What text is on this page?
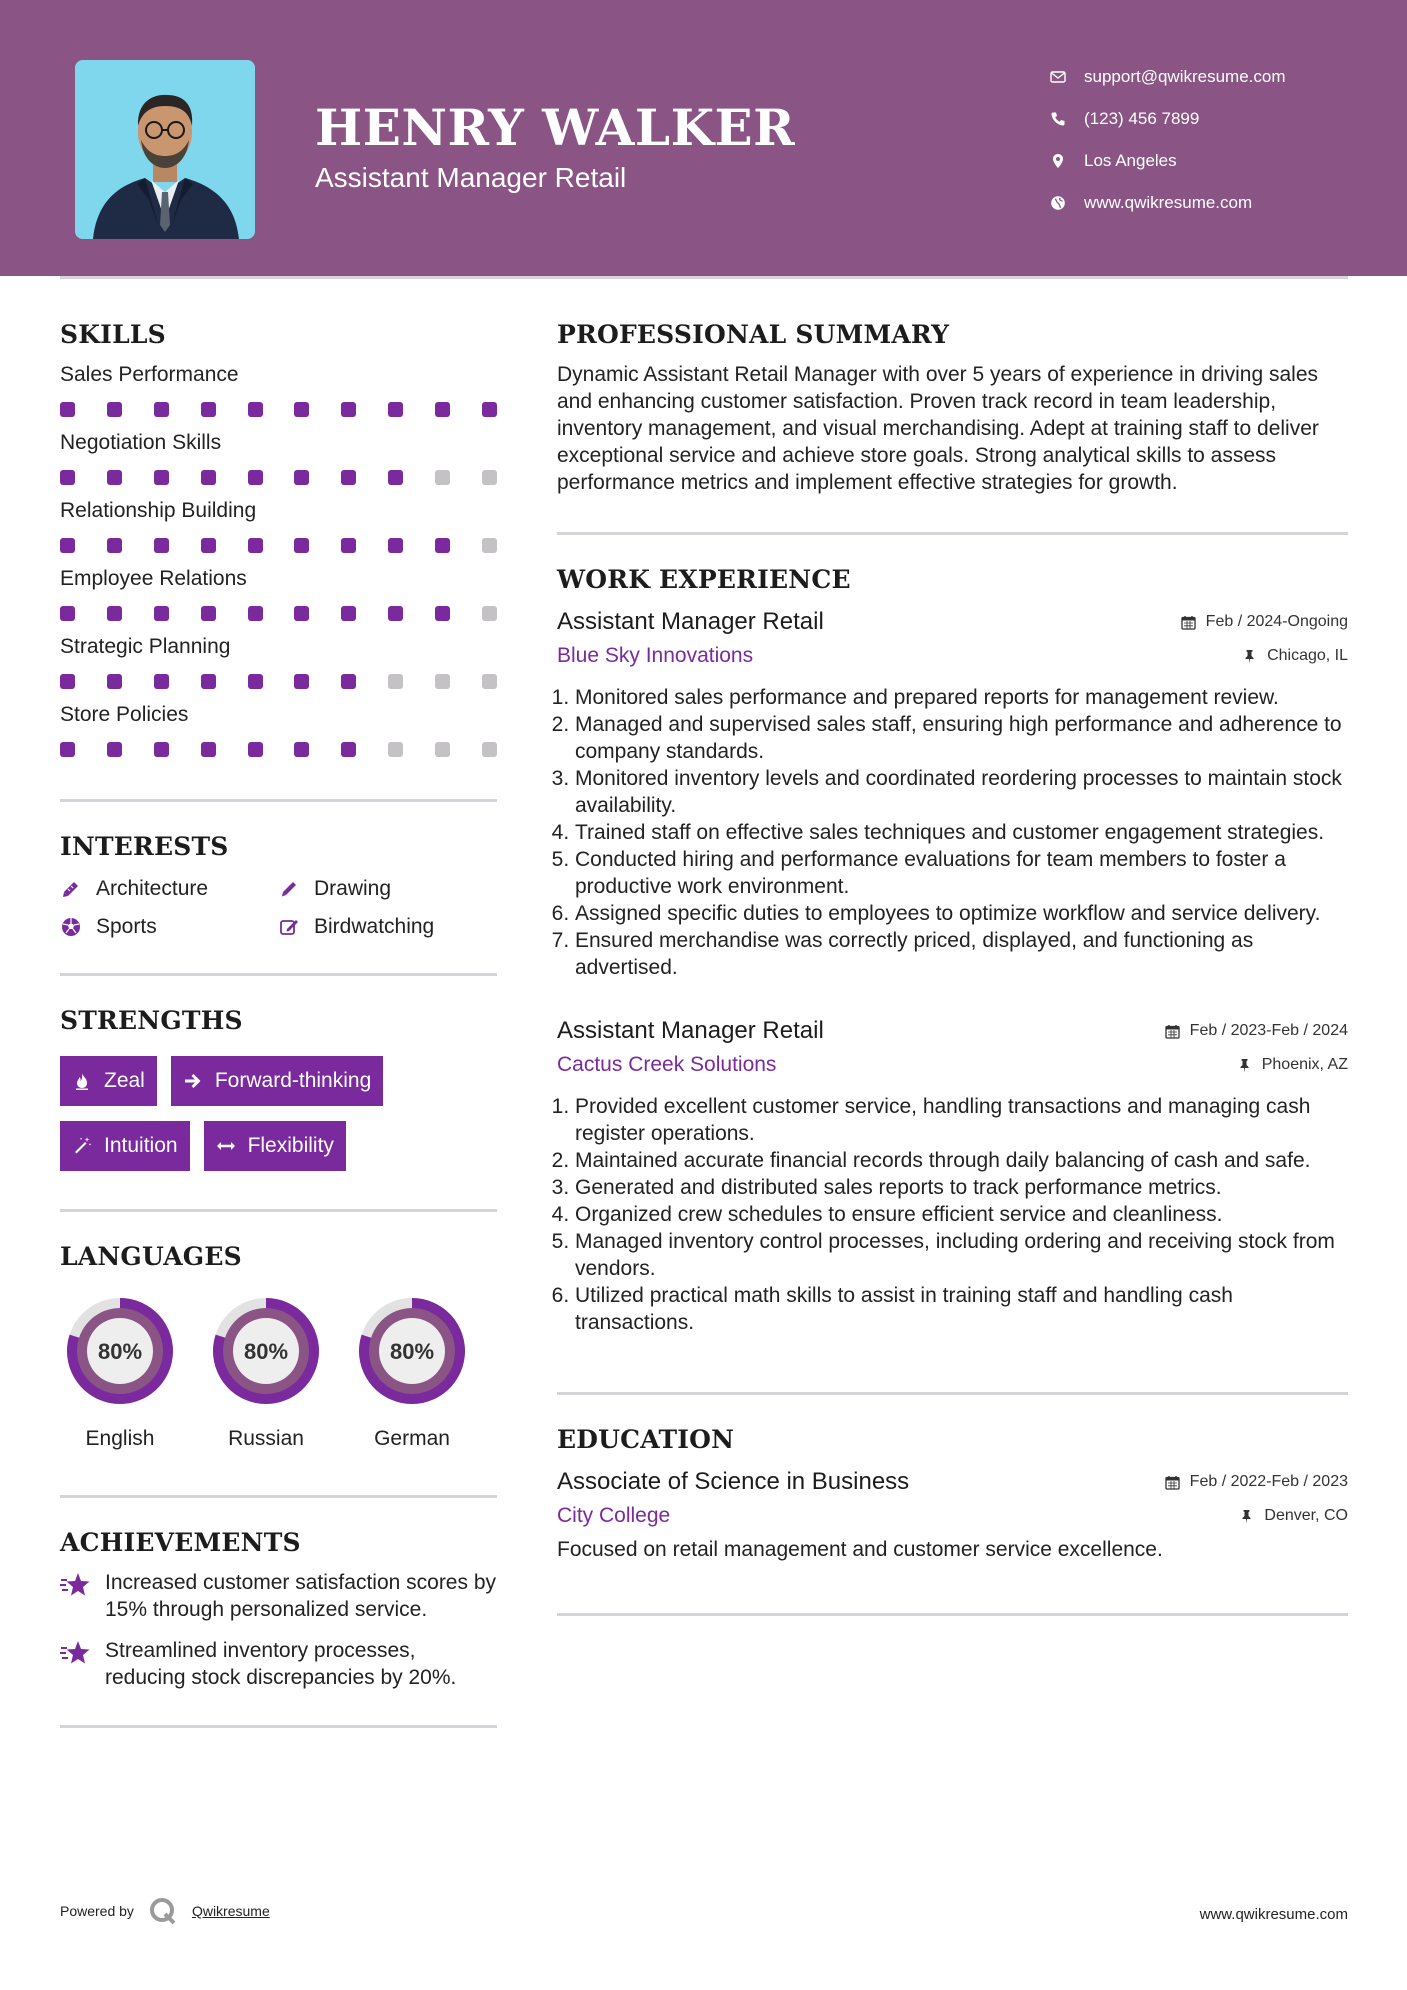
HENRY WALKER
Assistant Manager Retail
support@qwikresume.com
(123) 456 7899
Los Angeles
www.qwikresume.com
SKILLS
Sales Performance
Negotiation Skills
Relationship Building
Employee Relations
Strategic Planning
Store Policies
INTERESTS
Architecture	Drawing
Sports	Birdwatching
STRENGTHS
Zeal	Forward-thinking
Intuition	Flexibility
LANGUAGES
80%
English
80%
Russian
80%
German
ACHIEVEMENTS
Increased customer satisfaction scores by 15% through personalized service.
Streamlined inventory processes, reducing stock discrepancies by 20%.
PROFESSIONAL SUMMARY
Dynamic Assistant Retail Manager with over 5 years of experience in driving sales and enhancing customer satisfaction. Proven track record in team leadership, inventory management, and visual merchandising. Adept at training staff to deliver exceptional service and achieve store goals. Strong analytical skills to assess performance metrics and implement effective strategies for growth.
WORK EXPERIENCE
Assistant Manager Retail	Feb / 2024-Ongoing
Blue Sky Innovations	Chicago, IL
1. Monitored sales performance and prepared reports for management review.
2. Managed and supervised sales staff, ensuring high performance and adherence to company standards.
3. Monitored inventory levels and coordinated reordering processes to maintain stock availability.
4. Trained staff on effective sales techniques and customer engagement strategies.
5. Conducted hiring and performance evaluations for team members to foster a productive work environment.
6. Assigned specific duties to employees to optimize workflow and service delivery.
7. Ensured merchandise was correctly priced, displayed, and functioning as advertised.
Assistant Manager Retail	Feb / 2023-Feb / 2024
Cactus Creek Solutions	Phoenix, AZ
1. Provided excellent customer service, handling transactions and managing cash register operations.
2. Maintained accurate financial records through daily balancing of cash and safe.
3. Generated and distributed sales reports to track performance metrics.
4. Organized crew schedules to ensure efficient service and cleanliness.
5. Managed inventory control processes, including ordering and receiving stock from vendors.
6. Utilized practical math skills to assist in training staff and handling cash transactions.
EDUCATION
Associate of Science in Business	Feb / 2022-Feb / 2023
City College	Denver, CO
Focused on retail management and customer service excellence.
Powered by	Qwikresume	www.qwikresume.com
